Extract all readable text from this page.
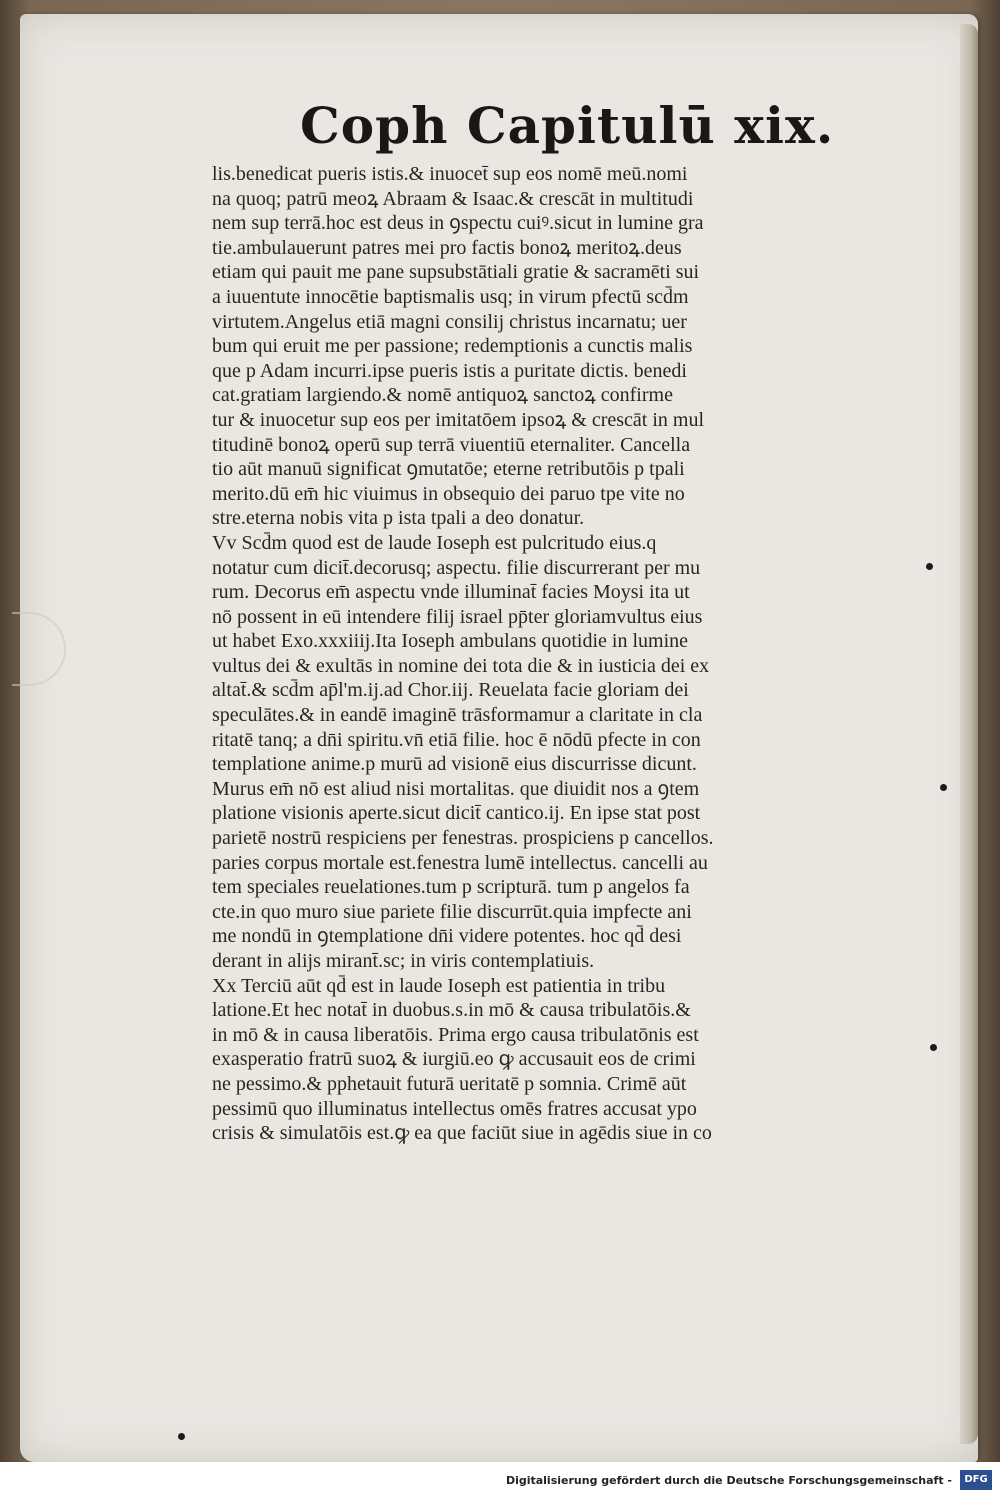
Coph Capitulū xix.
lis.benedicat pueris istis.& inuocet̄ sup eos nomē meū.nomi
na quoq; patrū meoꝝ Abraam & Isaac.& crescāt in multitudi
nem sup terrā.hoc est deus in ꝯspectu cuiꝰ.sicut in lumine gra
tie.ambulauerunt patres mei pro factis bonoꝝ meritoꝝ.deus
etiam qui pauit me pane supsubstātiali gratie & sacramēti sui
a iuuentute innocētie baptismalis usq; in virum pfectū scd̄m
virtutem.Angelus etiā magni consilij christus incarnatu; uer
bum qui eruit me per passione; redemptionis a cunctis malis
que p Adam incurri.ipse pueris istis a puritate dictis. benedi
cat.gratiam largiendo.& nomē antiquoꝝ sanctoꝝ confirme
tur & inuocetur sup eos per imitatōem ipsoꝝ & crescāt in mul
titudinē bonoꝝ operū sup terrā viuentiū eternaliter. Cancella
tio aūt manuū significat ꝯmutatōe; eterne retributōis p tpali
merito.dū em̄ hic viuimus in obsequio dei paruo tpe vite no
stre.eterna nobis vita p ista tpali a deo donatur.
Vv Scd̄m quod est de laude Ioseph est pulcritudo eius.q
notatur cum dicit̄.decorusq; aspectu. filie discurrerant per mu
rum. Decorus em̄ aspectu vnde illuminat̄ facies Moysi ita ut
nō possent in eū intendere filij israel pp̄ter gloriamvultus eius
ut habet Exo.xxxiiij.Ita Ioseph ambulans quotidie in lumine
vultus dei & exultās in nomine dei tota die & in iusticia dei ex
altat̄.& scd̄m ap̄l'm.ij.ad Chor.iij. Reuelata facie gloriam dei
speculātes.& in eandē imaginē trāsformamur a claritate in cla
ritatē tanq; a dn̄i spiritu.vn̄ etiā filie. hoc ē nōdū pfecte in con
templatione anime.p murū ad visionē eius discurrisse dicunt.
Murus em̄ nō est aliud nisi mortalitas. que diuidit nos a ꝯtem
platione visionis aperte.sicut dicit̄ cantico.ij. En ipse stat post
parietē nostrū respiciens per fenestras. prospiciens p cancellos.
paries corpus mortale est.fenestra lumē intellectus. cancelli au
tem speciales reuelationes.tum p scripturā. tum p angelos fa
cte.in quo muro siue pariete filie discurrūt.quia impfecte ani
me nondū in ꝯtemplatione dn̄i videre potentes. hoc qd̄ desi
derant in alijs mirant̄.sc; in viris contemplatiuis.
Xx Terciū aūt qd̄ est in laude Ioseph est patientia in tribu
latione.Et hec notat̄ in duobus.s.in mō & causa tribulatōis.&
in mō & in causa liberatōis. Prima ergo causa tribulatōnis est
exasperatio fratrū suoꝝ & iurgiū.eo ꝙ accusauit eos de crimi
ne pessimo.& pphetauit futurā ueritatē p somnia. Crimē aūt
pessimū quo illuminatus intellectus omēs fratres accusat ypo
crisis & simulatōis est.ꝙ ea que faciūt siue in agēdis siue in co
Digitalisierung gefördert durch die Deutsche Forschungsgemeinschaft -	DFG
